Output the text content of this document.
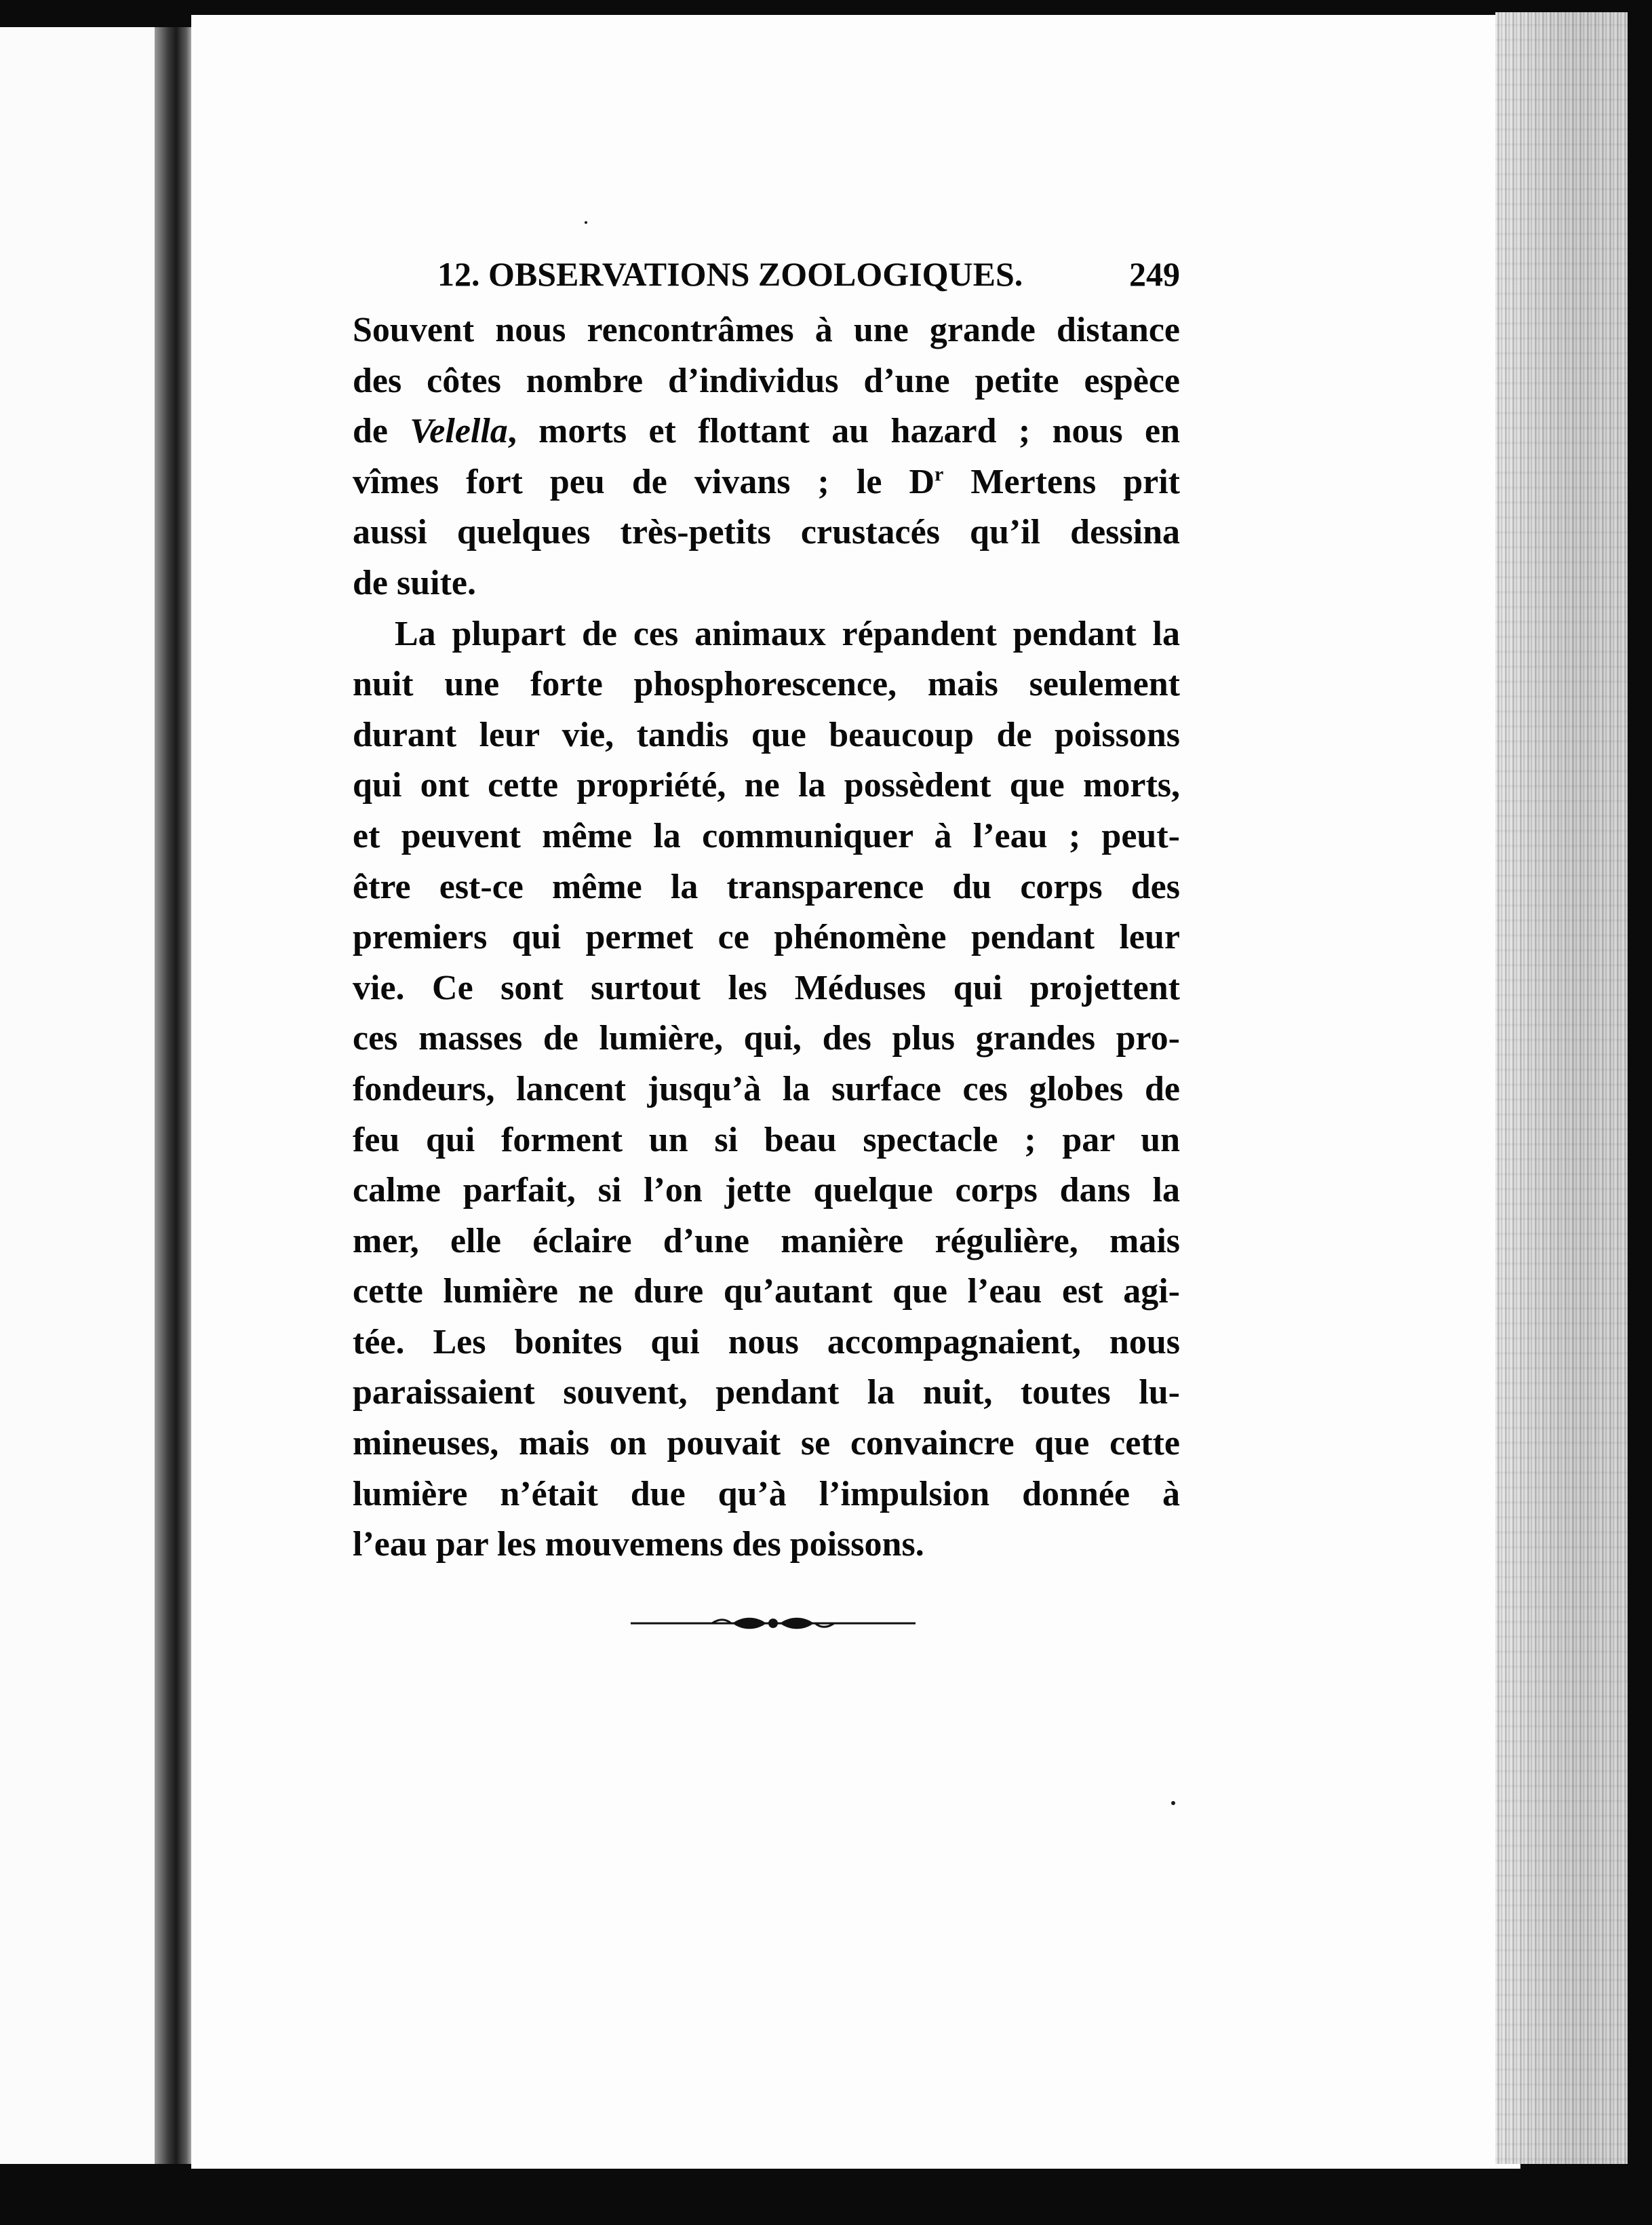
12. OBSERVATIONS ZOOLOGIQUES.	249
Souvent nous rencontrâmes à une grande distance
des côtes nombre d’individus d’une petite espèce
de Velella, morts et flottant au hazard ; nous en
vîmes fort peu de vivans ; le $D^r$ Mertens prit
aussi quelques très-petits crustacés qu’il dessina
de suite.
La plupart de ces animaux répandent pendant la
nuit une forte phosphorescence, mais seulement
durant leur vie, tandis que beaucoup de poissons
qui ont cette propriété, ne la possèdent que morts,
et peuvent même la communiquer à l’eau ; peut-
être est-ce même la transparence du corps des
premiers qui permet ce phénomène pendant leur
vie. Ce sont surtout les Méduses qui projettent
ces masses de lumière, qui, des plus grandes pro-
fondeurs, lancent jusqu’à la surface ces globes de
feu qui forment un si beau spectacle ; par un
calme parfait, si l’on jette quelque corps dans la
mer, elle éclaire d’une manière régulière, mais
cette lumière ne dure qu’autant que l’eau est agi-
tée. Les bonites qui nous accompagnaient, nous
paraissaient souvent, pendant la nuit, toutes lu-
mineuses, mais on pouvait se convaincre que cette
lumière n’était due qu’à l’impulsion donnée à
l’eau par les mouvemens des poissons.
